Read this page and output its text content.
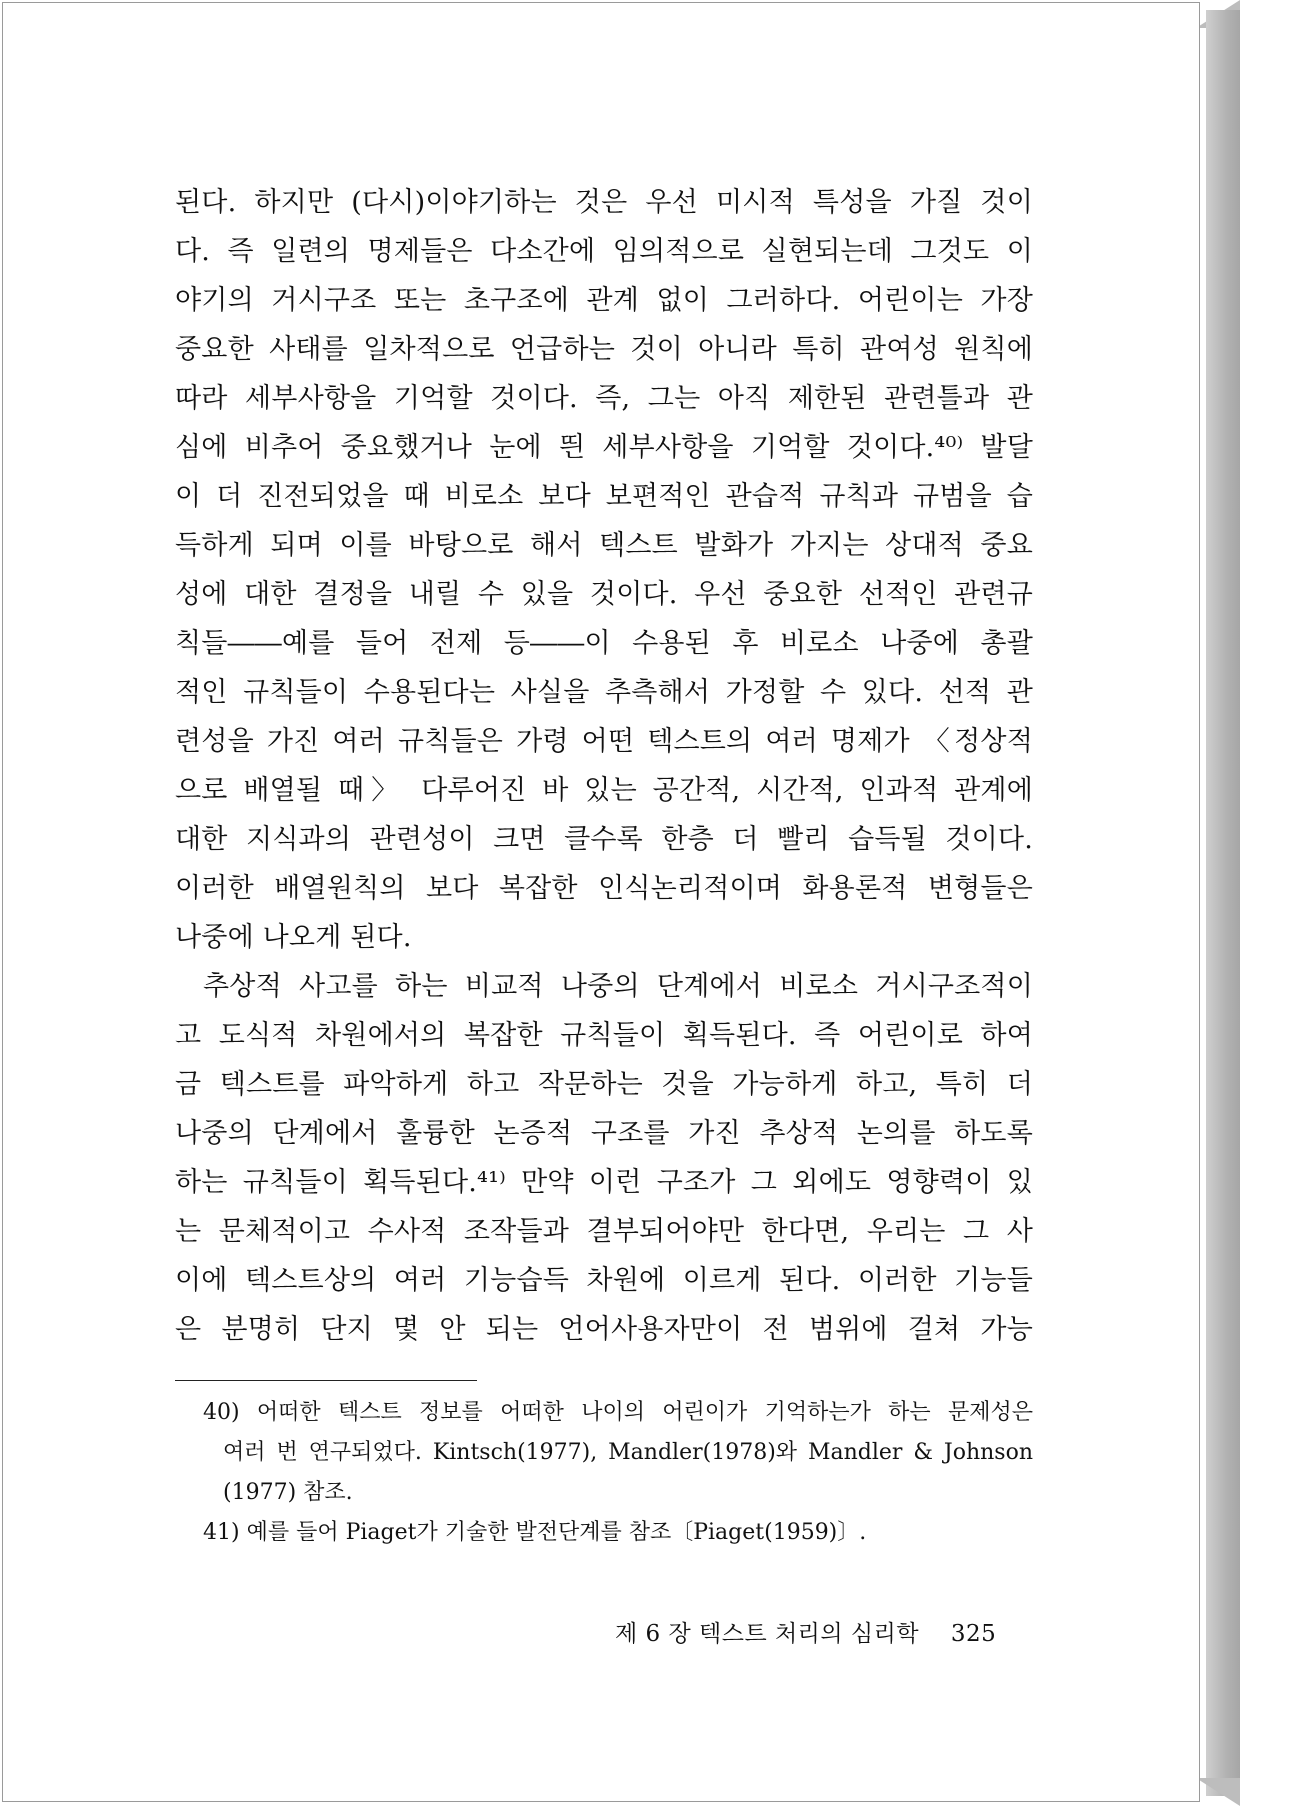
된다. 하지만 (다시)이야기하는 것은 우선 미시적 특성을 가질 것이
다. 즉 일련의 명제들은 다소간에 임의적으로 실현되는데 그것도 이
야기의 거시구조 또는 초구조에 관계 없이 그러하다. 어린이는 가장
중요한 사태를 일차적으로 언급하는 것이 아니라 특히 관여성 원칙에
따라 세부사항을 기억할 것이다. 즉, 그는 아직 제한된 관련틀과 관
심에 비추어 중요했거나 눈에 띈 세부사항을 기억할 것이다.⁴⁰⁾ 발달
이 더 진전되었을 때 비로소 보다 보편적인 관습적 규칙과 규범을 습
득하게 되며 이를 바탕으로 해서 텍스트 발화가 가지는 상대적 중요
성에 대한 결정을 내릴 수 있을 것이다. 우선 중요한 선적인 관련규
칙들――예를 들어 전제 등――이 수용된 후 비로소 나중에 총괄
적인 규칙들이 수용된다는 사실을 추측해서 가정할 수 있다. 선적 관
련성을 가진 여러 규칙들은 가령 어떤 텍스트의 여러 명제가 〈정상적
으로 배열될 때〉 다루어진 바 있는 공간적, 시간적, 인과적 관계에
대한 지식과의 관련성이 크면 클수록 한층 더 빨리 습득될 것이다.
이러한 배열원칙의 보다 복잡한 인식논리적이며 화용론적 변형들은
나중에 나오게 된다.
추상적 사고를 하는 비교적 나중의 단계에서 비로소 거시구조적이
고 도식적 차원에서의 복잡한 규칙들이 획득된다. 즉 어린이로 하여
금 텍스트를 파악하게 하고 작문하는 것을 가능하게 하고, 특히 더
나중의 단계에서 훌륭한 논증적 구조를 가진 추상적 논의를 하도록
하는 규칙들이 획득된다.⁴¹⁾ 만약 이런 구조가 그 외에도 영향력이 있
는 문체적이고 수사적 조작들과 결부되어야만 한다면, 우리는 그 사
이에 텍스트상의 여러 기능습득 차원에 이르게 된다. 이러한 기능들
은 분명히 단지 몇 안 되는 언어사용자만이 전 범위에 걸쳐 가능
40) 어떠한 텍스트 정보를 어떠한 나이의 어린이가 기억하는가 하는 문제성은
여러 번 연구되었다. Kintsch(1977), Mandler(1978)와 Mandler & Johnson
(1977) 참조.
41) 예를 들어 Piaget가 기술한 발전단계를 참조〔Piaget(1959)〕.
제 6 장 텍스트 처리의 심리학 325
